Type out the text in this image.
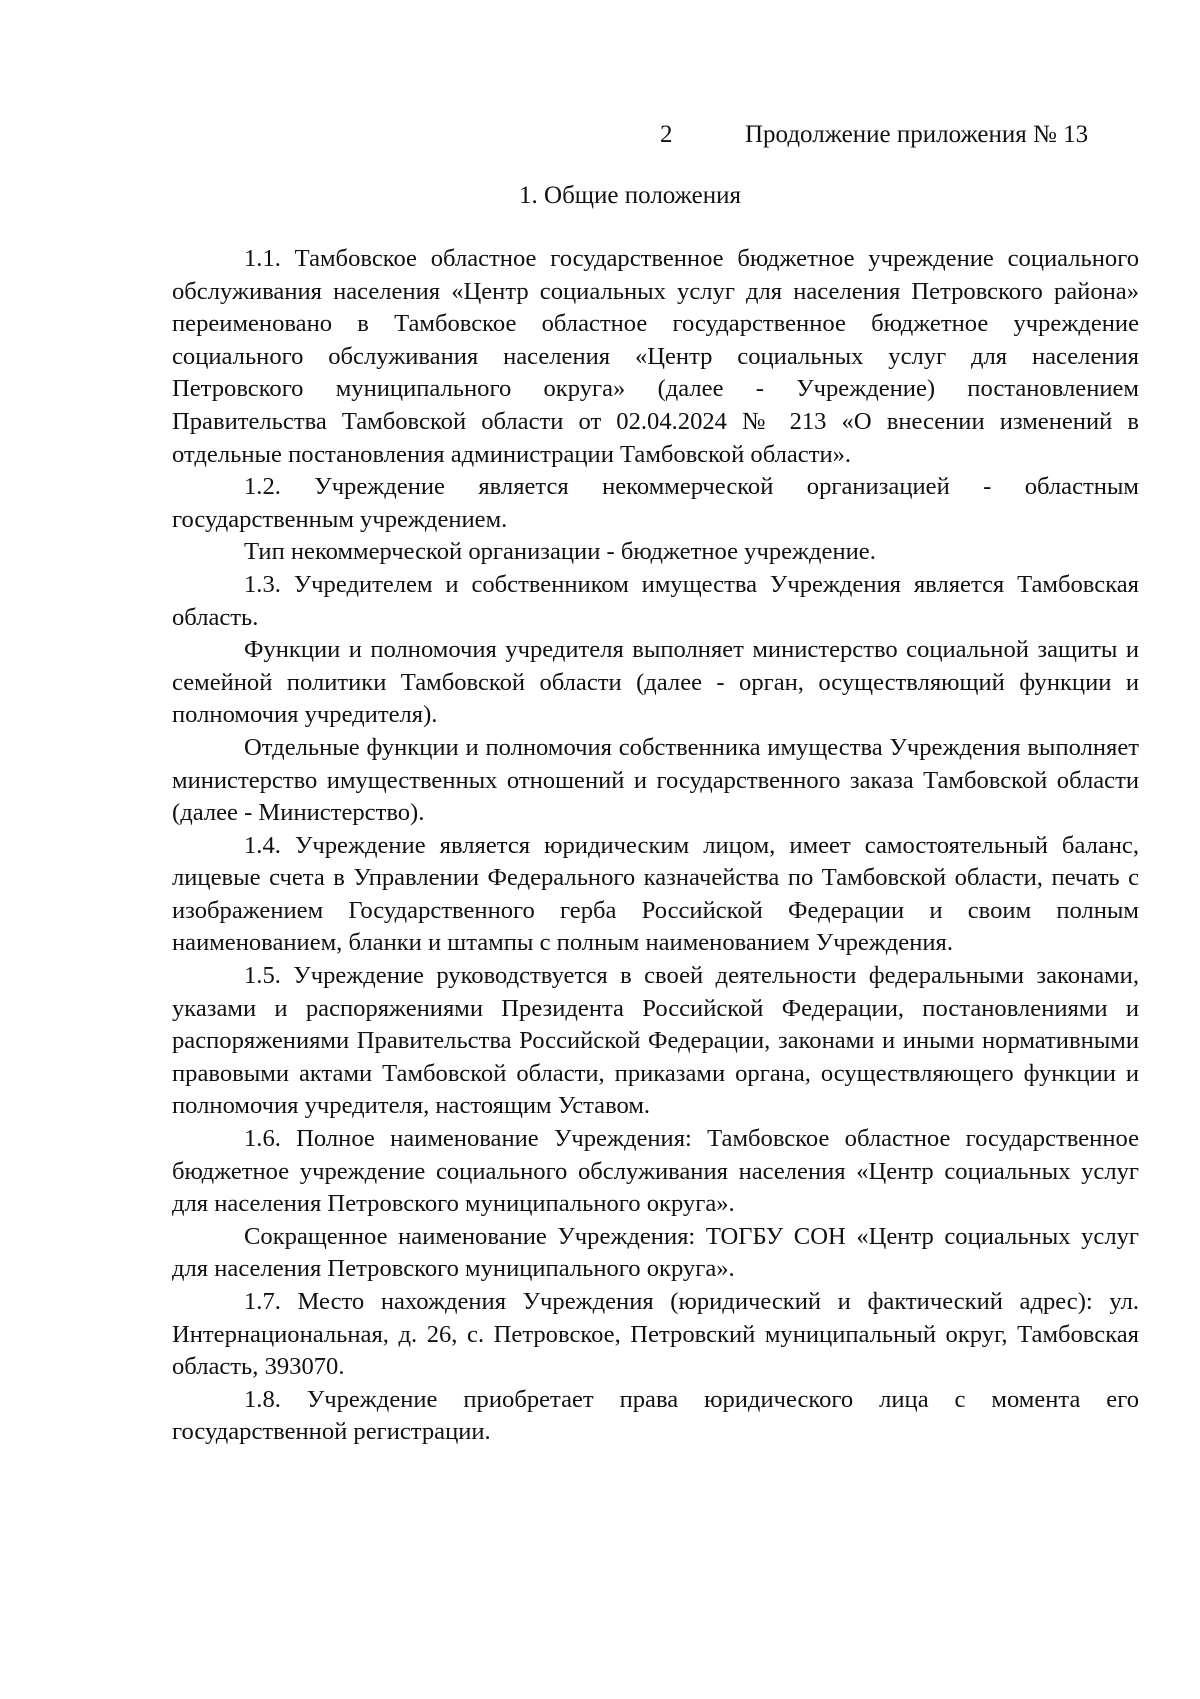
2	Продолжение приложения № 13
1. Общие положения

1.1. Тамбовское областное государственное бюджетное учреждение социального обслуживания населения «Центр социальных услуг для населения Петровского района» переименовано в Тамбовское областное государственное бюджетное учреждение социального обслуживания населения «Центр социальных услуг для населения Петровского муниципального округа» (далее - Учреждение) постановлением Правительства Тамбовской области от 02.04.2024 № 213 «О внесении изменений в отдельные постановления администрации Тамбовской области».

1.2. Учреждение является некоммерческой организацией - областным государственным учреждением.

Тип некоммерческой организации - бюджетное учреждение.

1.3. Учредителем и собственником имущества Учреждения является Тамбовская область.

Функции и полномочия учредителя выполняет министерство социальной защиты и семейной политики Тамбовской области (далее - орган, осуществляющий функции и полномочия учредителя).

Отдельные функции и полномочия собственника имущества Учреждения выполняет министерство имущественных отношений и государственного заказа Тамбовской области (далее - Министерство).

1.4. Учреждение является юридическим лицом, имеет самостоятельный баланс, лицевые счета в Управлении Федерального казначейства по Тамбовской области, печать с изображением Государственного герба Российской Федерации и своим полным наименованием, бланки и штампы с полным наименованием Учреждения.

1.5. Учреждение руководствуется в своей деятельности федеральными законами, указами и распоряжениями Президента Российской Федерации, постановлениями и распоряжениями Правительства Российской Федерации, законами и иными нормативными правовыми актами Тамбовской области, приказами органа, осуществляющего функции и полномочия учредителя, настоящим Уставом.

1.6. Полное наименование Учреждения: Тамбовское областное государственное бюджетное учреждение социального обслуживания населения «Центр социальных услуг для населения Петровского муниципального округа».

Сокращенное наименование Учреждения: ТОГБУ СОН «Центр социальных услуг для населения Петровского муниципального округа».

1.7. Место нахождения Учреждения (юридический и фактический адрес): ул. Интернациональная, д. 26, с. Петровское, Петровский муниципальный округ, Тамбовская область, 393070.

1.8. Учреждение приобретает права юридического лица с момента его государственной регистрации.
